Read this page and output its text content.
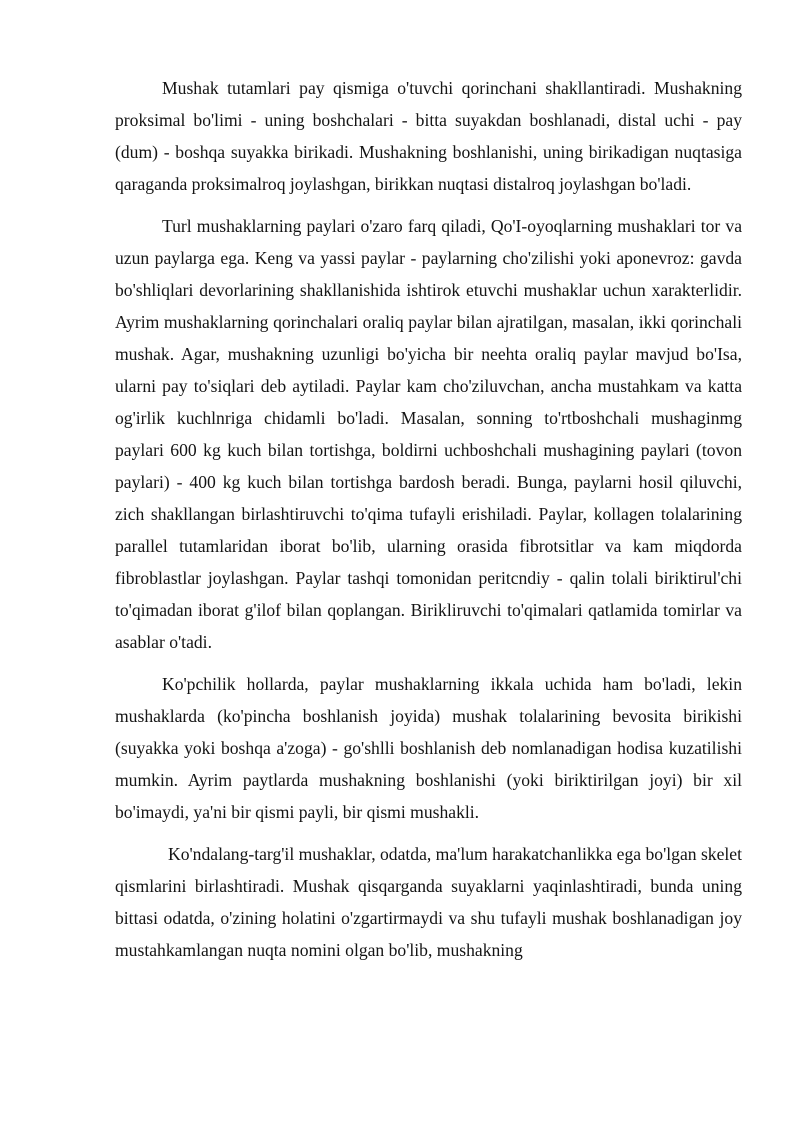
Mushak tutamlari pay qismiga o'tuvchi qorinchani shakllantiradi. Mushakning proksimal bo'limi - uning boshchalari - bitta suyakdan boshlanadi, distal uchi - pay (dum) - boshqa suyakka birikadi. Mushakning boshlanishi, uning birikadigan nuqtasiga qaraganda proksimalroq joylashgan, birikkan nuqtasi distalroq joylashgan bo'ladi.

Turl mushaklarning paylari o'zaro farq qiladi, Qo'I-oyoqlarning mushaklari tor va uzun paylarga ega. Keng va yassi paylar - paylarning cho'zilishi yoki aponevroz: gavda bo'shliqlari devorlarining shakllanishida ishtirok etuvchi mushaklar uchun xarakterlidir. Ayrim mushaklarning qorinchalari oraliq paylar bilan ajratilgan, masalan, ikki qorinchali mushak. Agar, mushakning uzunligi bo'yicha bir neehta oraliq paylar mavjud bo'Isa, ularni pay to'siqlari deb aytiladi. Paylar kam cho'ziluvchan, ancha mustahkam va katta og'irlik kuchlnriga chidamli bo'ladi. Masalan, sonning to'rtboshchali mushaginmg paylari 600 kg kuch bilan tortishga, boldirni uchboshchali mushagining paylari (tovon paylari) - 400 kg kuch bilan tortishga bardosh beradi. Bunga, paylarni hosil qiluvchi, zich shakllangan birlashtiruvchi to'qima tufayli erishiladi. Paylar, kollagen tolalarining parallel tutamlaridan iborat bo'lib, ularning orasida fibrotsitlar va kam miqdorda fibroblastlar joylashgan. Paylar tashqi tomonidan peritcndiy - qalin tolali biriktirul'chi to'qimadan iborat g'ilof bilan qoplangan. Birikliruvchi to'qimalari qatlamida tomirlar va asablar o'tadi.

Ko'pchilik hollarda, paylar mushaklarning ikkala uchida ham bo'ladi, lekin mushaklarda (ko'pincha boshlanish joyida) mushak tolalarining bevosita birikishi (suyakka yoki boshqa a'zoga) - go'shlli boshlanish deb nomlanadigan hodisa kuzatilishi mumkin. Ayrim paytlarda mushakning boshlanishi (yoki biriktirilgan joyi) bir xil bo'imaydi, ya'ni bir qismi payli, bir qismi mushakli.

Ko'ndalang-targ'il mushaklar, odatda, ma'lum harakatchanlikka ega bo'lgan skelet qismlarini birlashtiradi. Mushak qisqarganda suyaklarni yaqinlashtiradi, bunda uning bittasi odatda, o'zining holatini o'zgartirmaydi va shu tufayli mushak boshlanadigan joy mustahkamlangan nuqta nomini olgan bo'lib, mushakning
